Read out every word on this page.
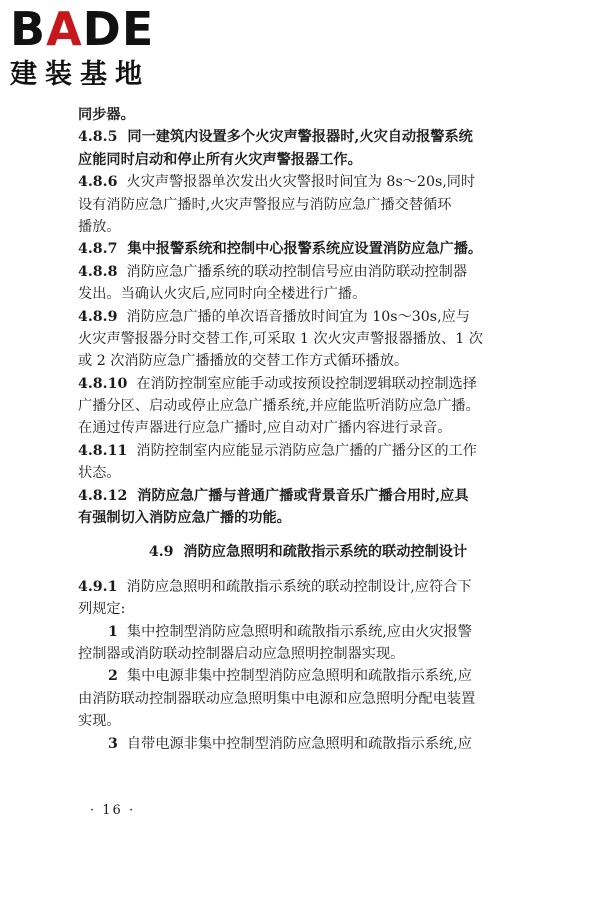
B A D E
建装基地
同步器。
4.8.5 同一建筑内设置多个火灾声警报器时,火灾自动报警系统
应能同时启动和停止所有火灾声警报器工作。
4.8.6 火灾声警报器单次发出火灾警报时间宜为 8s～20s,同时
设有消防应急广播时,火灾声警报应与消防应急广播交替循环
播放。
4.8.7 集中报警系统和控制中心报警系统应设置消防应急广播。
4.8.8 消防应急广播系统的联动控制信号应由消防联动控制器
发出。当确认火灾后,应同时向全楼进行广播。
4.8.9 消防应急广播的单次语音播放时间宜为 10s～30s,应与
火灾声警报器分时交替工作,可采取 1 次火灾声警报器播放、1 次
或 2 次消防应急广播播放的交替工作方式循环播放。
4.8.10 在消防控制室应能手动或按预设控制逻辑联动控制选择
广播分区、启动或停止应急广播系统,并应能监听消防应急广播。
在通过传声器进行应急广播时,应自动对广播内容进行录音。
4.8.11 消防控制室内应能显示消防应急广播的广播分区的工作
状态。
4.8.12 消防应急广播与普通广播或背景音乐广播合用时,应具
有强制切入消防应急广播的功能。
4.9 消防应急照明和疏散指示系统的联动控制设计
4.9.1 消防应急照明和疏散指示系统的联动控制设计,应符合下
列规定:
1 集中控制型消防应急照明和疏散指示系统,应由火灾报警
控制器或消防联动控制器启动应急照明控制器实现。
2 集中电源非集中控制型消防应急照明和疏散指示系统,应
由消防联动控制器联动应急照明集中电源和应急照明分配电装置
实现。
3 自带电源非集中控制型消防应急照明和疏散指示系统,应
· 16 ·
